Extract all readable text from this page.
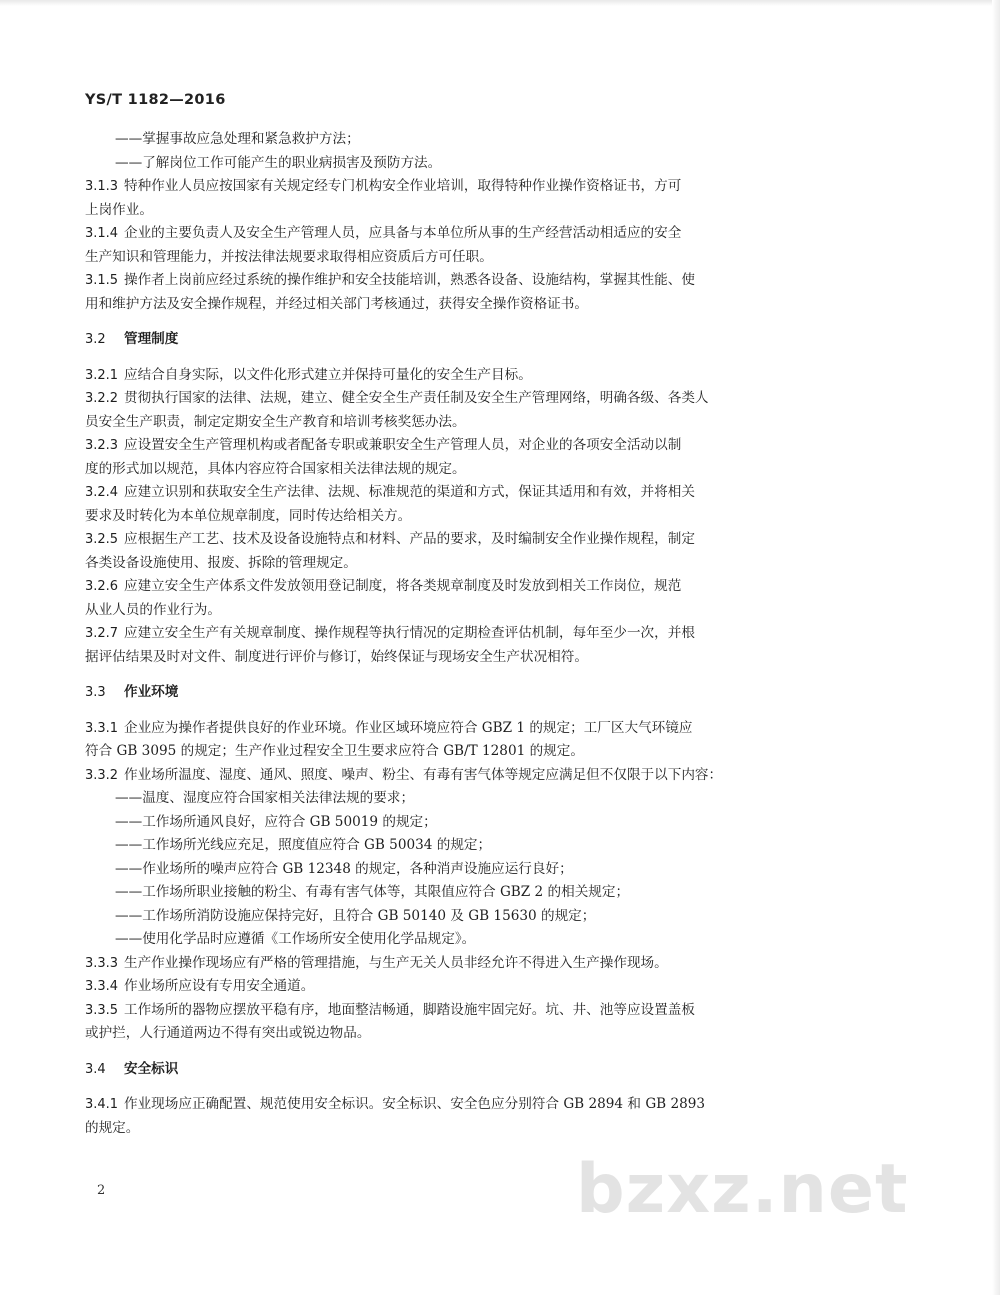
YS/T 1182—2016
——掌握事故应急处理和紧急救护方法；
——了解岗位工作可能产生的职业病损害及预防方法。
3.1.3 特种作业人员应按国家有关规定经专门机构安全作业培训，取得特种作业操作资格证书，方可
上岗作业。
3.1.4 企业的主要负责人及安全生产管理人员，应具备与本单位所从事的生产经营活动相适应的安全
生产知识和管理能力，并按法律法规要求取得相应资质后方可任职。
3.1.5 操作者上岗前应经过系统的操作维护和安全技能培训，熟悉各设备、设施结构，掌握其性能、使
用和维护方法及安全操作规程，并经过相关部门考核通过，获得安全操作资格证书。
3.2 管理制度
3.2.1 应结合自身实际，以文件化形式建立并保持可量化的安全生产目标。
3.2.2 贯彻执行国家的法律、法规，建立、健全安全生产责任制及安全生产管理网络，明确各级、各类人
员安全生产职责，制定定期安全生产教育和培训考核奖惩办法。
3.2.3 应设置安全生产管理机构或者配备专职或兼职安全生产管理人员，对企业的各项安全活动以制
度的形式加以规范，具体内容应符合国家相关法律法规的规定。
3.2.4 应建立识别和获取安全生产法律、法规、标准规范的渠道和方式，保证其适用和有效，并将相关
要求及时转化为本单位规章制度，同时传达给相关方。
3.2.5 应根据生产工艺、技术及设备设施特点和材料、产品的要求，及时编制安全作业操作规程，制定
各类设备设施使用、报废、拆除的管理规定。
3.2.6 应建立安全生产体系文件发放领用登记制度，将各类规章制度及时发放到相关工作岗位，规范
从业人员的作业行为。
3.2.7 应建立安全生产有关规章制度、操作规程等执行情况的定期检查评估机制，每年至少一次，并根
据评估结果及时对文件、制度进行评价与修订，始终保证与现场安全生产状况相符。
3.3 作业环境
3.3.1 企业应为操作者提供良好的作业环境。作业区域环境应符合 GBZ 1 的规定；工厂区大气环镜应
符合 GB 3095 的规定；生产作业过程安全卫生要求应符合 GB/T 12801 的规定。
3.3.2 作业场所温度、湿度、通风、照度、噪声、粉尘、有毒有害气体等规定应满足但不仅限于以下内容：
——温度、湿度应符合国家相关法律法规的要求；
——工作场所通风良好，应符合 GB 50019 的规定；
——工作场所光线应充足，照度值应符合 GB 50034 的规定；
——作业场所的噪声应符合 GB 12348 的规定，各种消声设施应运行良好；
——工作场所职业接触的粉尘、有毒有害气体等，其限值应符合 GBZ 2 的相关规定；
——工作场所消防设施应保持完好，且符合 GB 50140 及 GB 15630 的规定；
——使用化学品时应遵循《工作场所安全使用化学品规定》。
3.3.3 生产作业操作现场应有严格的管理措施，与生产无关人员非经允许不得进入生产操作现场。
3.3.4 作业场所应设有专用安全通道。
3.3.5 工作场所的器物应摆放平稳有序，地面整洁畅通，脚踏设施牢固完好。坑、井、池等应设置盖板
或护拦，人行通道两边不得有突出或锐边物品。
3.4 安全标识
3.4.1 作业现场应正确配置、规范使用安全标识。安全标识、安全色应分别符合 GB 2894 和 GB 2893
的规定。
2	bzxz.net
